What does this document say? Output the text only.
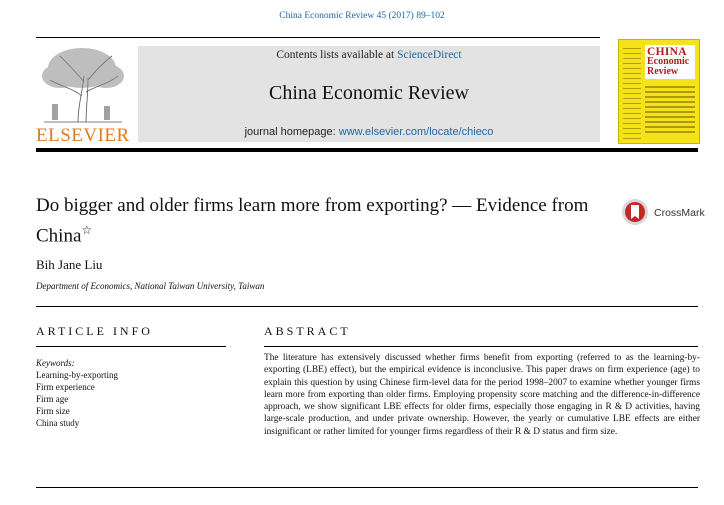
China Economic Review 45 (2017) 89–102
ELSEVIER
Contents lists available at ScienceDirect
China Economic Review
journal homepage: www.elsevier.com/locate/chieco
CHINA
Economic
Review
Do bigger and older firms learn more from exporting? — Evidence from China☆
CrossMark
Bih Jane Liu
Department of Economics, National Taiwan University, Taiwan
ARTICLE INFO	ABSTRACT
Keywords:
Learning-by-exporting
Firm experience
Firm age
Firm size
China study
The literature has extensively discussed whether firms benefit from exporting (referred to as the learning-by-exporting (LBE) effect), but the empirical evidence is inconclusive. This paper draws on firm experience (age) to explain this question by using Chinese firm-level data for the period 1998–2007 to examine whether younger firms learn more from exporting than older firms. Employing propensity score matching and the difference-in-difference approach, we show significant LBE effects for older firms, especially those engaging in R & D activities, having large-scale production, and under private ownership. However, the yearly or cumulative LBE effects are either insignificant or rather limited for younger firms regardless of their R & D status and firm size.
